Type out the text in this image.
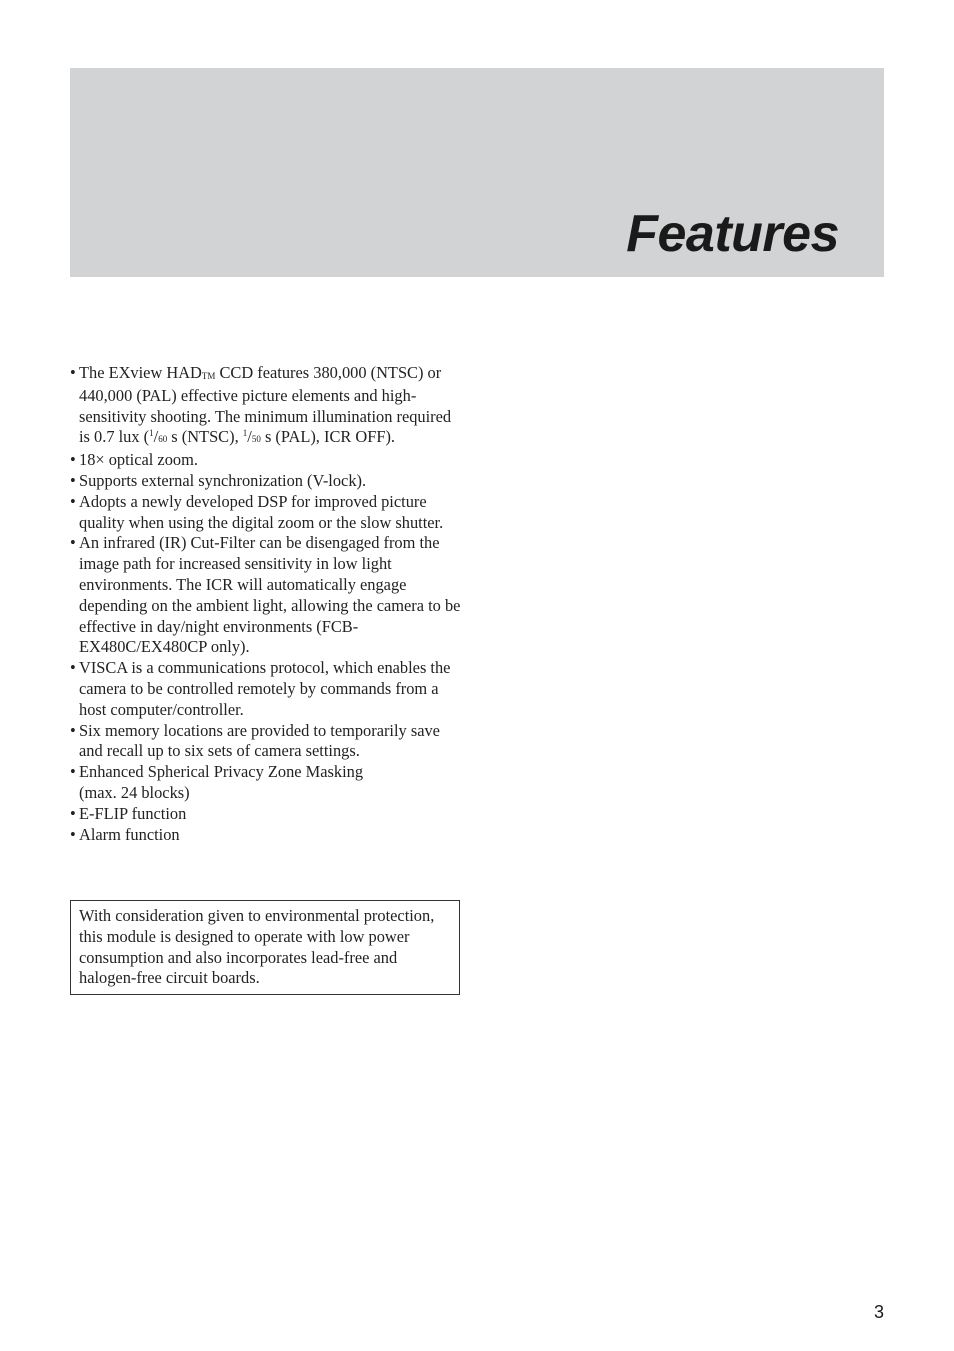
Features
• The EXview $HAD_{TM}$ CCD features 380,000 (NTSC) or 440,000 (PAL) effective picture elements and high-sensitivity shooting. The minimum illumination required is 0.7 lux ($^1$/60 s (NTSC), $^1$/50 s (PAL), ICR OFF).
• 18× optical zoom.
• Supports external synchronization (V-lock).
• Adopts a newly developed DSP for improved picture quality when using the digital zoom or the slow shutter.
• An infrared (IR) Cut-Filter can be disengaged from the image path for increased sensitivity in low light environments. The ICR will automatically engage depending on the ambient light, allowing the camera to be effective in day/night environments (FCB-EX480C/EX480CP only).
• VISCA is a communications protocol, which enables the camera to be controlled remotely by commands from a host computer/controller.
• Six memory locations are provided to temporarily save and recall up to six sets of camera settings.
• Enhanced Spherical Privacy Zone Masking
(max. 24 blocks)
• E-FLIP function
• Alarm function
With consideration given to environmental protection, this module is designed to operate with low power consumption and also incorporates lead-free and halogen-free circuit boards.
3
